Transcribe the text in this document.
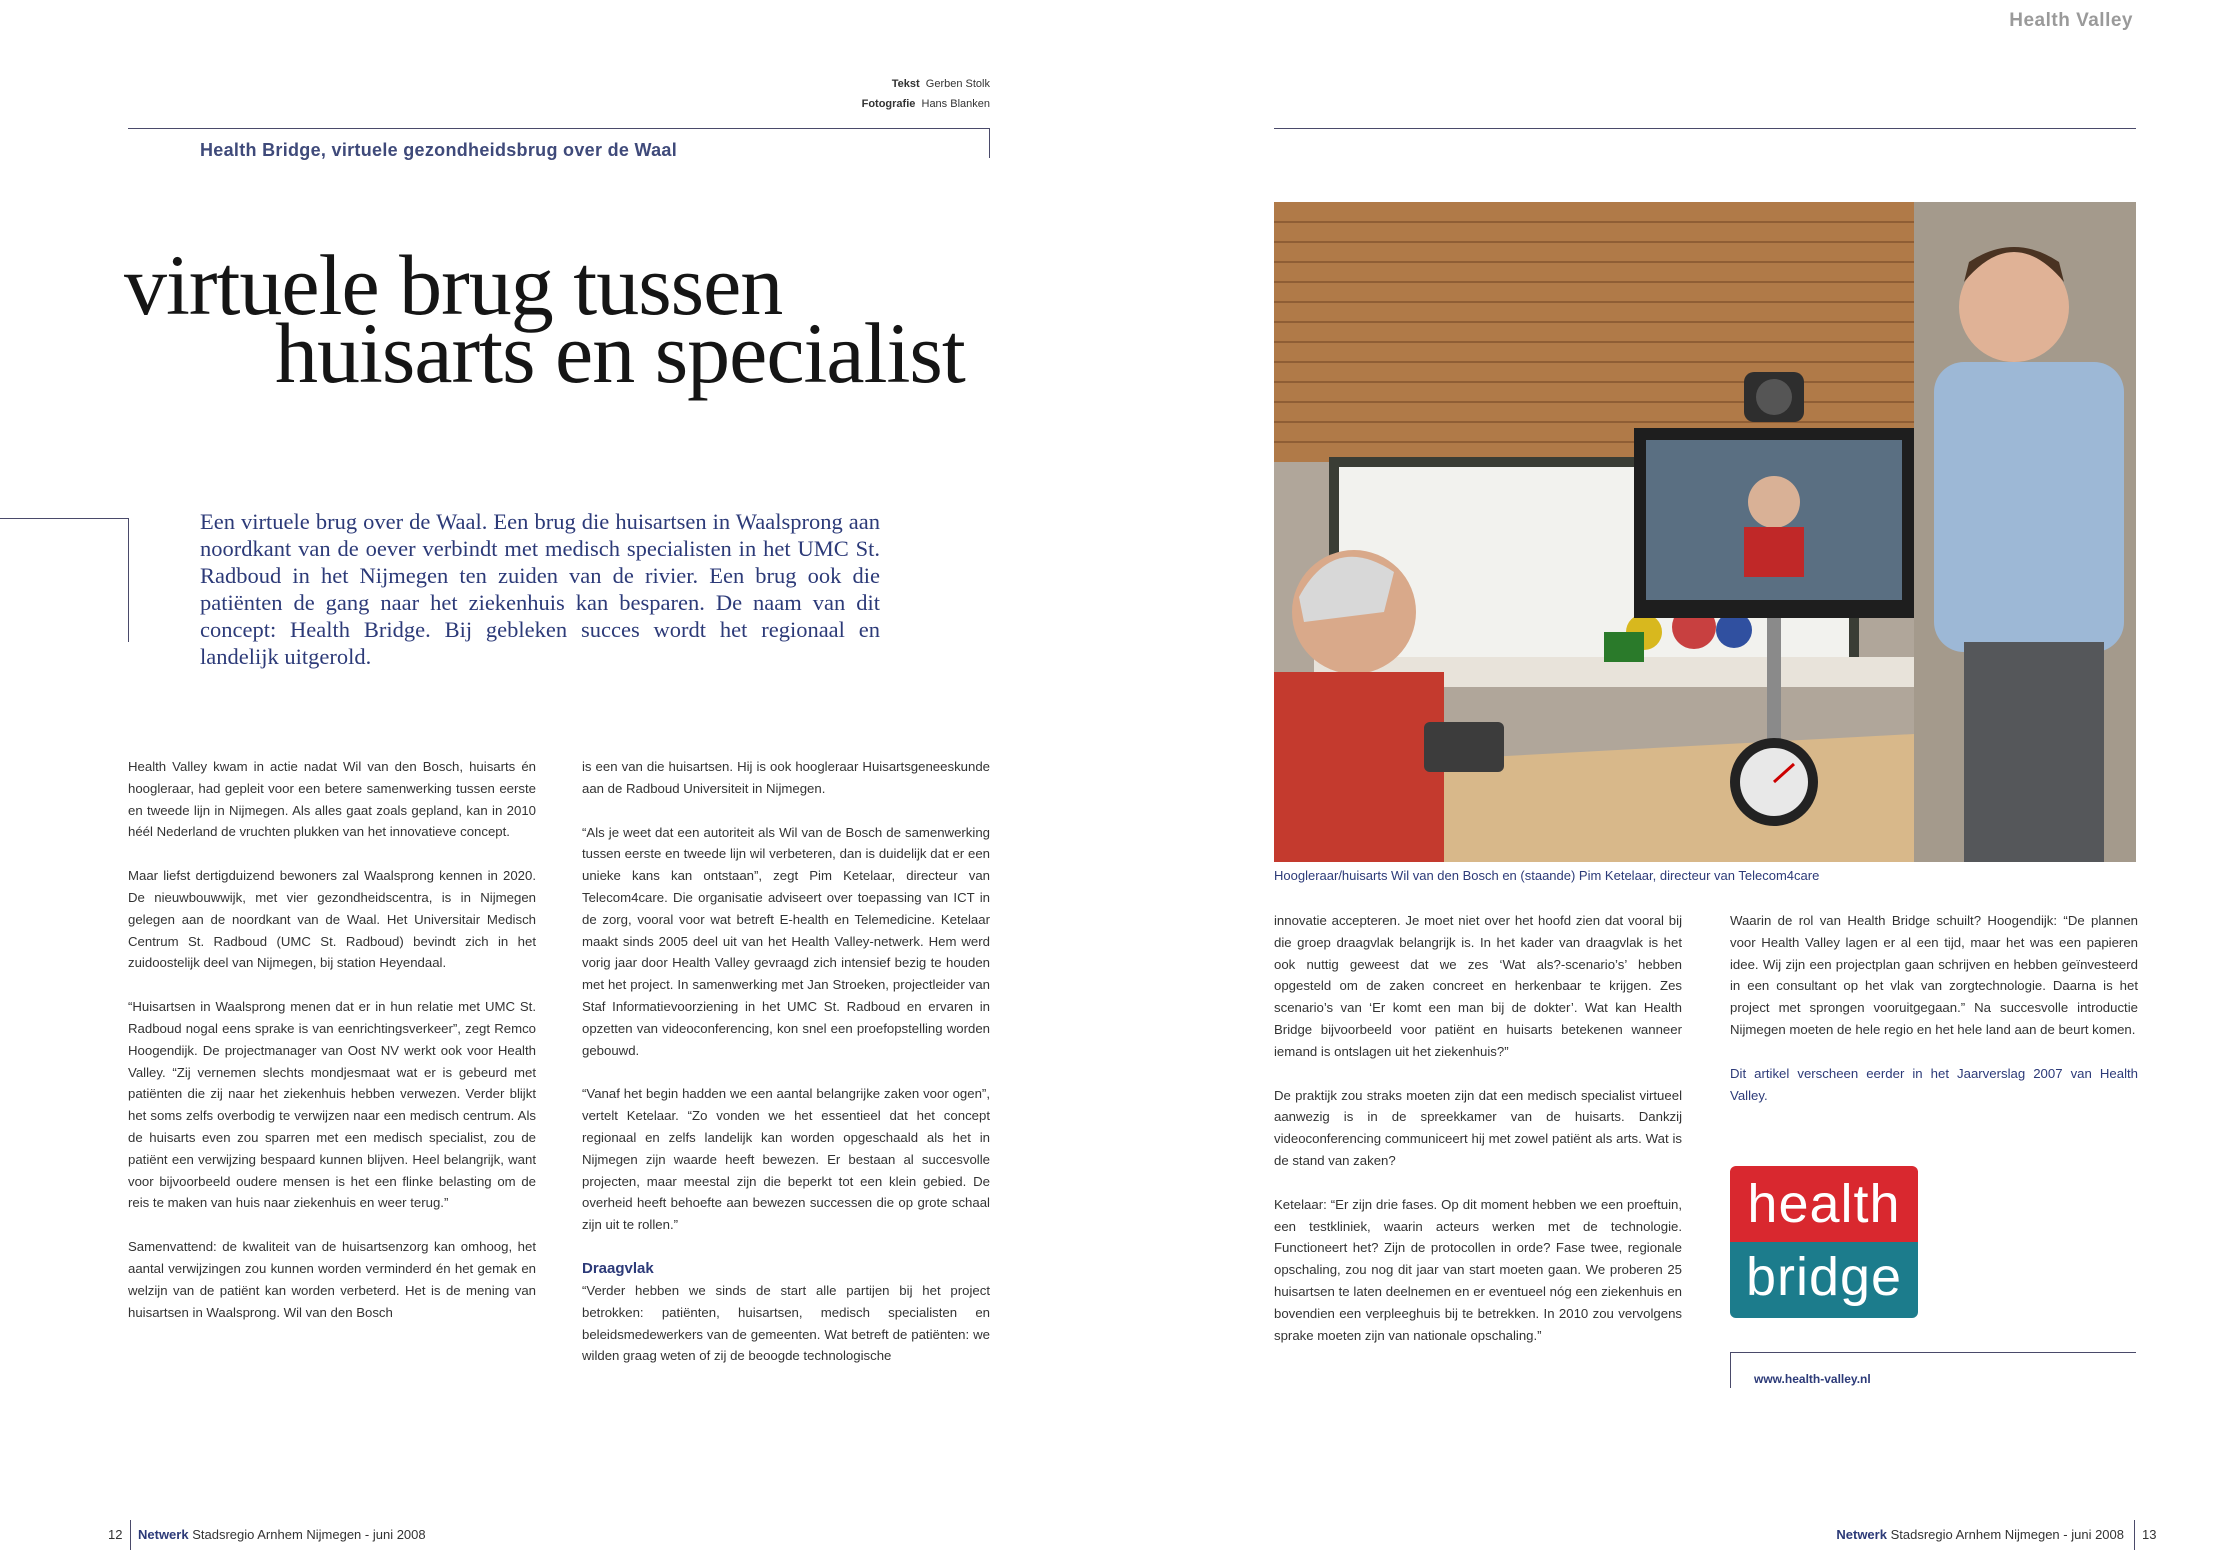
Health Valley
Tekst Gerben Stolk
Fotografie Hans Blanken
Health Bridge, virtuele gezondheidsbrug over de Waal
virtuele brug tussen
huisarts en specialist
Een virtuele brug over de Waal. Een brug die huisartsen in Waalsprong aan noordkant van de oever verbindt met medisch specialisten in het UMC St. Radboud in het Nijmegen ten zuiden van de rivier. Een brug ook die patiënten de gang naar het ziekenhuis kan besparen. De naam van dit concept: Health Bridge. Bij gebleken succes wordt het regionaal en landelijk uitgerold.

Health Valley kwam in actie nadat Wil van den Bosch, huisarts én hoogleraar, had gepleit voor een betere samenwerking tussen eerste en tweede lijn in Nijmegen. Als alles gaat zoals gepland, kan in 2010 héél Nederland de vruchten plukken van het innovatieve concept.

Maar liefst dertigduizend bewoners zal Waalsprong kennen in 2020. De nieuwbouwwijk, met vier gezondheidscentra, is in Nijmegen gelegen aan de noordkant van de Waal. Het Universitair Medisch Centrum St. Radboud (UMC St. Radboud) bevindt zich in het zuidoostelijk deel van Nijmegen, bij station Heyendaal.

“Huisartsen in Waalsprong menen dat er in hun relatie met UMC St. Radboud nogal eens sprake is van eenrichtingsverkeer”, zegt Remco Hoogendijk. De projectmanager van Oost NV werkt ook voor Health Valley. “Zij vernemen slechts mondjesmaat wat er is gebeurd met patiënten die zij naar het ziekenhuis hebben verwezen. Verder blijkt het soms zelfs overbodig te verwijzen naar een medisch centrum. Als de huisarts even zou sparren met een medisch specialist, zou de patiënt een verwijzing bespaard kunnen blijven. Heel belangrijk, want voor bijvoorbeeld oudere mensen is het een flinke belasting om de reis te maken van huis naar ziekenhuis en weer terug.”

Samenvattend: de kwaliteit van de huisartsenzorg kan omhoog, het aantal verwijzingen zou kunnen worden verminderd én het gemak en welzijn van de patiënt kan worden verbeterd. Het is de mening van huisartsen in Waalsprong. Wil van den Bosch

is een van die huisartsen. Hij is ook hoogleraar Huisartsgeneeskunde aan de Radboud Universiteit in Nijmegen.

“Als je weet dat een autoriteit als Wil van de Bosch de samenwerking tussen eerste en tweede lijn wil verbeteren, dan is duidelijk dat er een unieke kans kan ontstaan”, zegt Pim Ketelaar, directeur van Telecom4care. Die organisatie adviseert over toepassing van ICT in de zorg, vooral voor wat betreft E-health en Telemedicine. Ketelaar maakt sinds 2005 deel uit van het Health Valley-netwerk. Hem werd vorig jaar door Health Valley gevraagd zich intensief bezig te houden met het project. In samenwerking met Jan Stroeken, projectleider van Staf Informatievoorziening in het UMC St. Radboud en ervaren in opzetten van videoconferencing, kon snel een proefopstelling worden gebouwd.

“Vanaf het begin hadden we een aantal belangrijke zaken voor ogen”, vertelt Ketelaar. “Zo vonden we het essentieel dat het concept regionaal en zelfs landelijk kan worden opgeschaald als het in Nijmegen zijn waarde heeft bewezen. Er bestaan al succesvolle projecten, maar meestal zijn die beperkt tot een klein gebied. De overheid heeft behoefte aan bewezen successen die op grote schaal zijn uit te rollen.”

Draagvlak

“Verder hebben we sinds de start alle partijen bij het project betrokken: patiënten, huisartsen, medisch specialisten en beleidsmedewerkers van de gemeenten. Wat betreft de patiënten: we wilden graag weten of zij de beoogde technologische

Hoogleraar/huisarts Wil van den Bosch en (staande) Pim Ketelaar, directeur van Telecom4care

innovatie accepteren. Je moet niet over het hoofd zien dat vooral bij die groep draagvlak belangrijk is. In het kader van draagvlak is het ook nuttig geweest dat we zes ‘Wat als?-scenario’s’ hebben opgesteld om de zaken concreet en herkenbaar te krijgen. Zes scenario’s van ‘Er komt een man bij de dokter’. Wat kan Health Bridge bijvoorbeeld voor patiënt en huisarts betekenen wanneer iemand is ontslagen uit het ziekenhuis?”

De praktijk zou straks moeten zijn dat een medisch specialist virtueel aanwezig is in de spreekkamer van de huisarts. Dankzij videoconferencing communiceert hij met zowel patiënt als arts. Wat is de stand van zaken?

Ketelaar: “Er zijn drie fases. Op dit moment hebben we een proeftuin, een testkliniek, waarin acteurs werken met de technologie. Functioneert het? Zijn de protocollen in orde? Fase twee, regionale opschaling, zou nog dit jaar van start moeten gaan. We proberen 25 huisartsen te laten deelnemen en er eventueel nóg een ziekenhuis en bovendien een verpleeghuis bij te betrekken. In 2010 zou vervolgens sprake moeten zijn van nationale opschaling.”

Waarin de rol van Health Bridge schuilt? Hoogendijk: “De plannen voor Health Valley lagen er al een tijd, maar het was een papieren idee. Wij zijn een projectplan gaan schrijven en hebben geïnvesteerd in een consultant op het vlak van zorgtechnologie. Daarna is het project met sprongen vooruitgegaan.” Na succesvolle introductie Nijmegen moeten de hele regio en het hele land aan de beurt komen.

Dit artikel verscheen eerder in het Jaarverslag 2007 van Health Valley.

health
bridge
www.health-valley.nl
12 Netwerk Stadsregio Arnhem Nijmegen - juni 2008	Netwerk Stadsregio Arnhem Nijmegen - juni 2008 13
